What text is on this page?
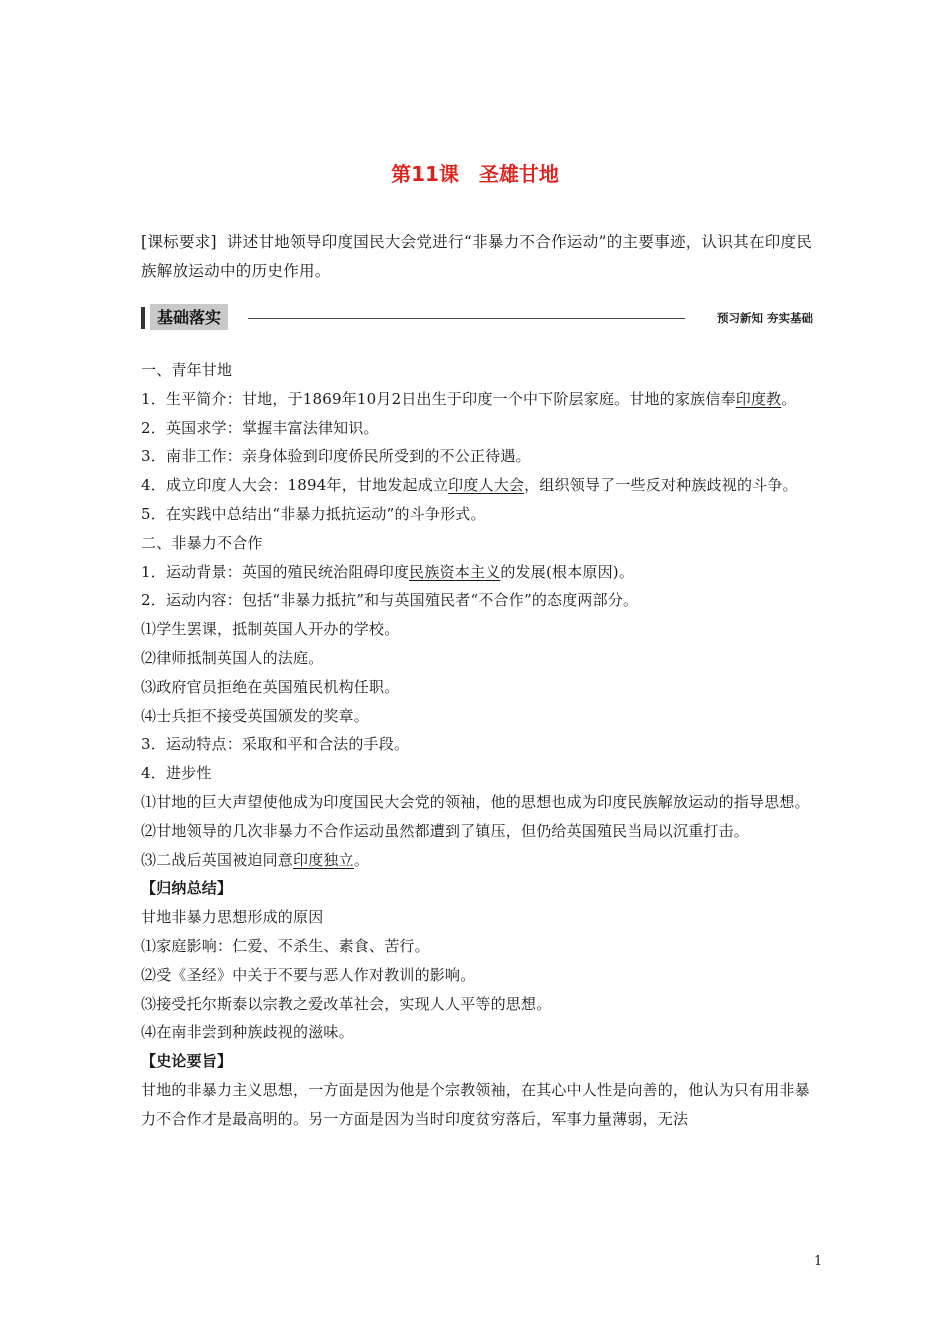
第11课 圣雄甘地
[课标要求] 讲述甘地领导印度国民大会党进行“非暴力不合作运动”的主要事迹，认识其在印度民族解放运动中的历史作用。
基础落实	预习新知 夯实基础

一、青年甘地

1．生平简介：甘地，于1869年10月2日出生于印度一个中下阶层家庭。甘地的家族信奉印度教。

2．英国求学：掌握丰富法律知识。

3．南非工作：亲身体验到印度侨民所受到的不公正待遇。

4．成立印度人大会：1894年，甘地发起成立印度人大会，组织领导了一些反对种族歧视的斗争。

5．在实践中总结出“非暴力抵抗运动”的斗争形式。

二、非暴力不合作

1．运动背景：英国的殖民统治阻碍印度民族资本主义的发展(根本原因)。

2．运动内容：包括“非暴力抵抗”和与英国殖民者“不合作”的态度两部分。

⑴学生罢课，抵制英国人开办的学校。

⑵律师抵制英国人的法庭。

⑶政府官员拒绝在英国殖民机构任职。

⑷士兵拒不接受英国颁发的奖章。

3．运动特点：采取和平和合法的手段。

4．进步性

⑴甘地的巨大声望使他成为印度国民大会党的领袖，他的思想也成为印度民族解放运动的指导思想。

⑵甘地领导的几次非暴力不合作运动虽然都遭到了镇压，但仍给英国殖民当局以沉重打击。

⑶二战后英国被迫同意印度独立。

【归纳总结】

甘地非暴力思想形成的原因

⑴家庭影响：仁爱、不杀生、素食、苦行。

⑵受《圣经》中关于不要与恶人作对教训的影响。

⑶接受托尔斯泰以宗教之爱改革社会，实现人人平等的思想。

⑷在南非尝到种族歧视的滋味。

【史论要旨】

甘地的非暴力主义思想，一方面是因为他是个宗教领袖，在其心中人性是向善的，他认为只有用非暴力不合作才是最高明的。另一方面是因为当时印度贫穷落后，军事力量薄弱，无法

1
